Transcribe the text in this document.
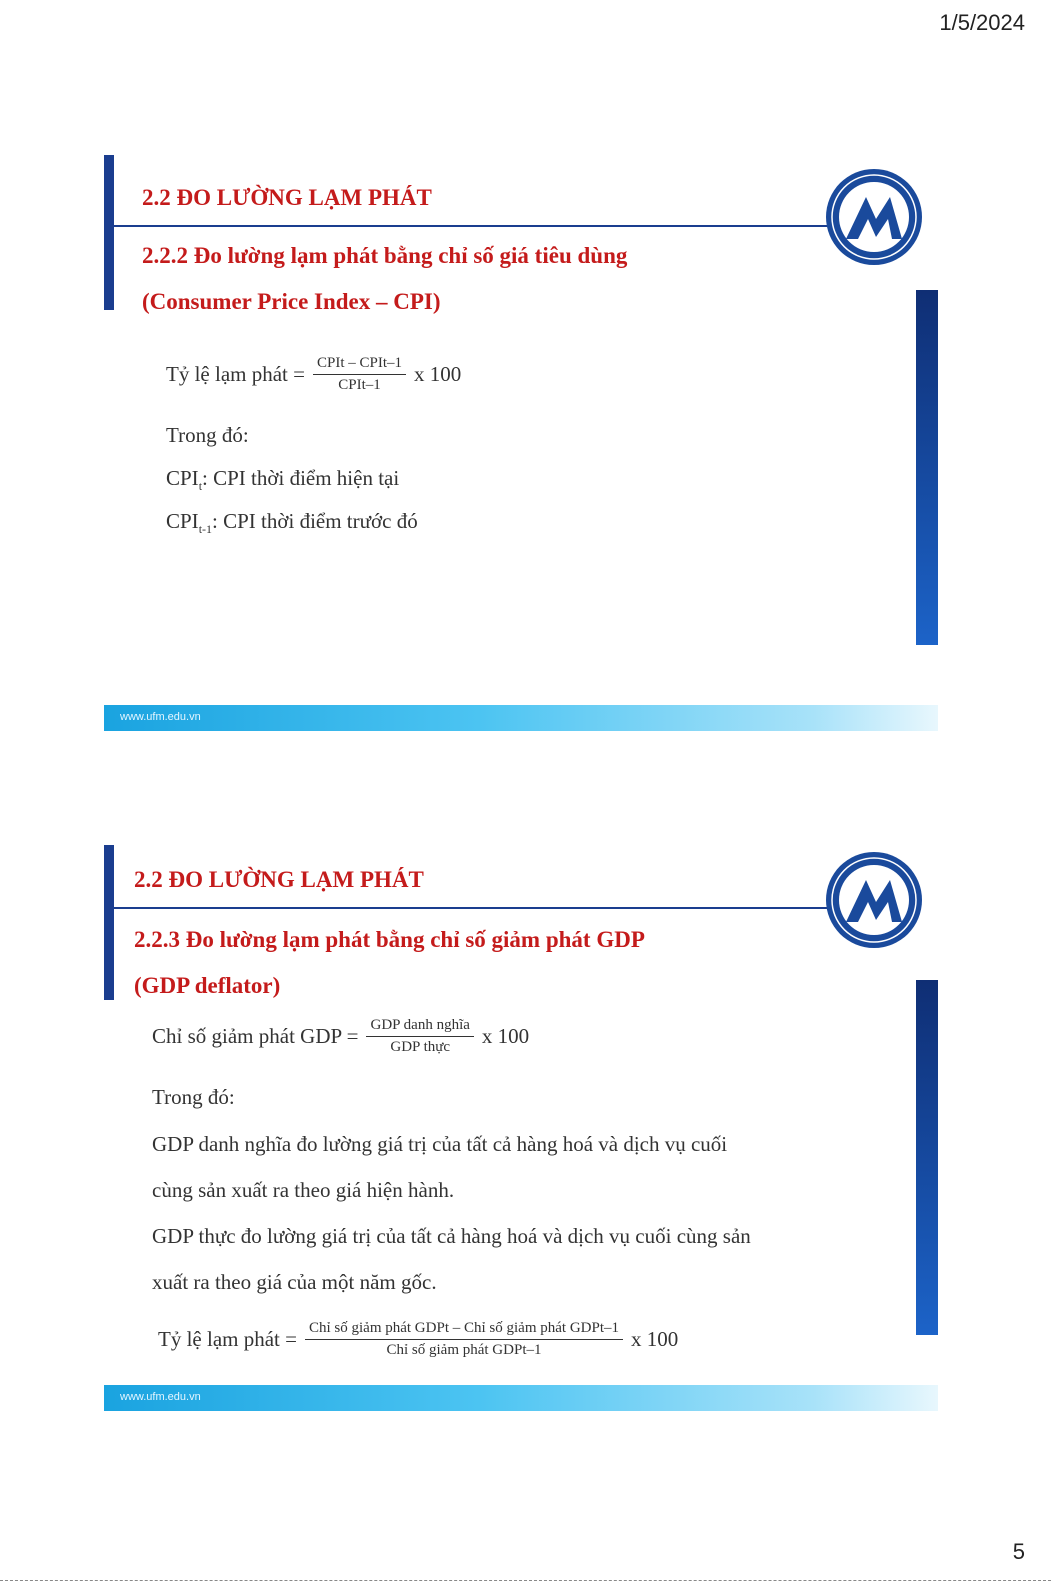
1/5/2024
2.2 ĐO LƯỜNG LẠM PHÁT
2.2.2 Đo lường lạm phát bằng chỉ số giá tiêu dùng
(Consumer Price Index – CPI)
Tỷ lệ lạm phát = $\frac{\text{CPIt – CPIt–1}}{\text{CPIt–1}}$ x 100
Trong đó:
$CPI_t$: CPI thời điểm hiện tại
$CPI_{t-1}$: CPI thời điểm trước đó
www.ufm.edu.vn
2.2 ĐO LƯỜNG LẠM PHÁT
2.2.3 Đo lường lạm phát bằng chỉ số giảm phát GDP
(GDP deflator)
Chỉ số giảm phát GDP = $\frac{\text{GDP danh nghĩa}}{\text{GDP thực}}$ x 100
Trong đó:
GDP danh nghĩa đo lường giá trị của tất cả hàng hoá và dịch vụ cuối
cùng sản xuất ra theo giá hiện hành.
GDP thực đo lường giá trị của tất cả hàng hoá và dịch vụ cuối cùng sản
xuất ra theo giá của một năm gốc.
Tỷ lệ lạm phát = $\frac{\text{Chỉ số giảm phát GDPt – Chỉ số giảm phát GDPt–1}}{\text{Chỉ số giảm phát GDPt–1}}$ x 100
www.ufm.edu.vn
5
